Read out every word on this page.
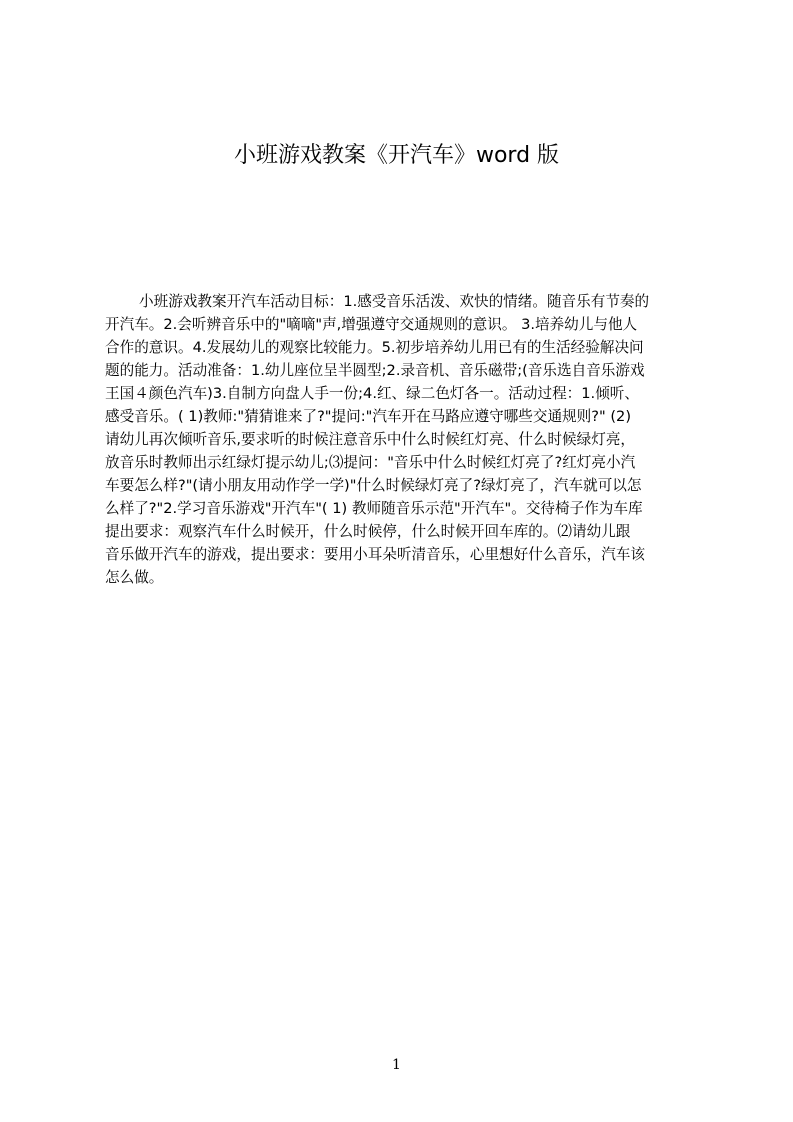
小班游戏教案《开汽车》word 版
小班游戏教案开汽车活动目标：1.感受音乐活泼、欢快的情绪。随音乐有节奏的
开汽车。2.会听辨音乐中的"嘀嘀"声,增强遵守交通规则的意识。 3.培养幼儿与他人
合作的意识。4.发展幼儿的观察比较能力。5.初步培养幼儿用已有的生活经验解决问
题的能力。活动准备：1.幼儿座位呈半圆型;2.录音机、音乐磁带;(音乐选自音乐游戏
王国４颜色汽车)3.自制方向盘人手一份;4.红、绿二色灯各一。活动过程：1.倾听、
感受音乐。( 1)教师:"猜猜谁来了?"提问:"汽车开在马路应遵守哪些交通规则?" (2)
请幼儿再次倾听音乐,要求听的时候注意音乐中什么时候红灯亮、什么时候绿灯亮，
放音乐时教师出示红绿灯提示幼儿;⑶提问："音乐中什么时候红灯亮了?红灯亮小汽
车要怎么样?"(请小朋友用动作学一学)"什么时候绿灯亮了?绿灯亮了，汽车就可以怎
么样了?"2.学习音乐游戏"开汽车"( 1) 教师随音乐示范"开汽车"。交待椅子作为车库
提出要求：观察汽车什么时候开，什么时候停，什么时候开回车库的。⑵请幼儿跟
音乐做开汽车的游戏，提出要求：要用小耳朵听清音乐，心里想好什么音乐，汽车该
怎么做。
1
